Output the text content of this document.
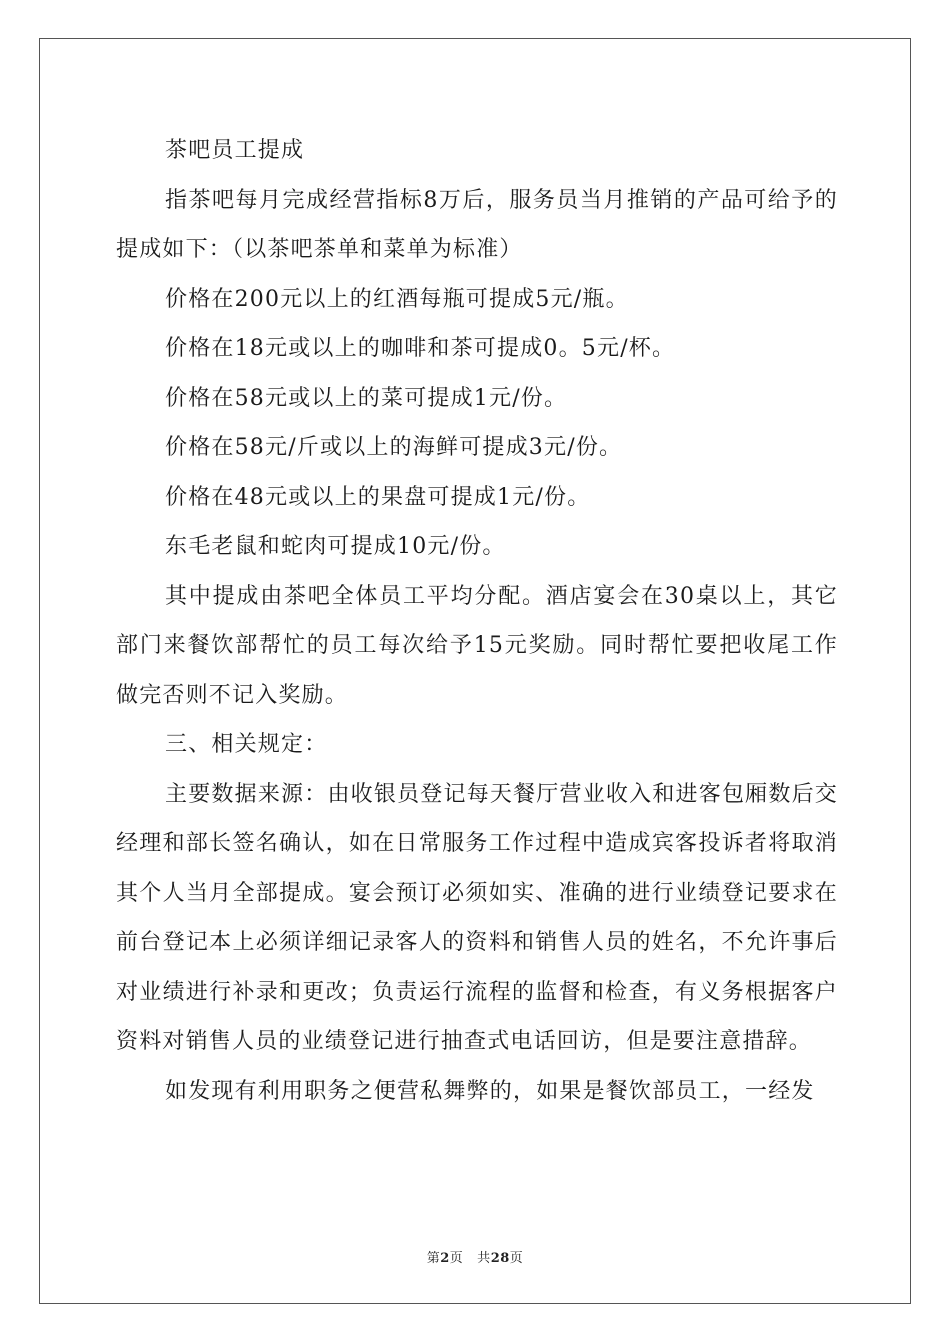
茶吧员工提成

指茶吧每月完成经营指标8万后，服务员当月推销的产品可给予的提成如下：（以茶吧茶单和菜单为标准）

价格在200元以上的红酒每瓶可提成5元/瓶。

价格在18元或以上的咖啡和茶可提成0。5元/杯。

价格在58元或以上的菜可提成1元/份。

价格在58元/斤或以上的海鲜可提成3元/份。

价格在48元或以上的果盘可提成1元/份。

东毛老鼠和蛇肉可提成10元/份。

其中提成由茶吧全体员工平均分配。酒店宴会在30桌以上，其它部门来餐饮部帮忙的员工每次给予15元奖励。同时帮忙要把收尾工作做完否则不记入奖励。

三、相关规定：

主要数据来源：由收银员登记每天餐厅营业收入和进客包厢数后交经理和部长签名确认，如在日常服务工作过程中造成宾客投诉者将取消其个人当月全部提成。宴会预订必须如实、准确的进行业绩登记要求在前台登记本上必须详细记录客人的资料和销售人员的姓名，不允许事后对业绩进行补录和更改；负责运行流程的监督和检查，有义务根据客户资料对销售人员的业绩登记进行抽查式电话回访，但是要注意措辞。

如发现有利用职务之便营私舞弊的，如果是餐饮部员工，一经发

第2页 共28页
